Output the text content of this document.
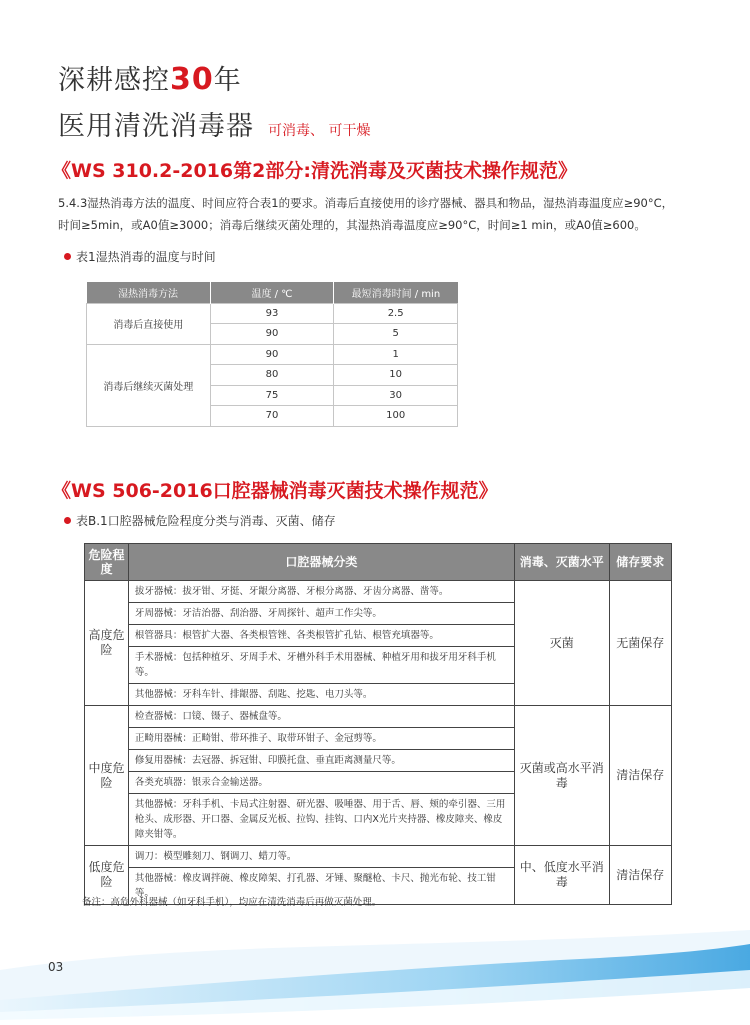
深耕感控30年
医用清洗消毒器 可消毒、 可干燥
《WS 310.2-2016第2部分:清洗消毒及灭菌技术操作规范》
5.4.3湿热消毒方法的温度、时间应符合表1的要求。消毒后直接使用的诊疗器械、器具和物品，湿热消毒温度应≥90°C，
时间≥5min，或A0值≥3000；消毒后继续灭菌处理的，其湿热消毒温度应≥90°C，时间≥1 min，或A0值≥600。
表1湿热消毒的温度与时间
湿热消毒方法	温度 / ℃	最短消毒时间 / min
消毒后直接使用	93	2.5
	90	5
消毒后继续灭菌处理	90	1
	80	10
	75	30
	70	100
《WS 506-2016口腔器械消毒灭菌技术操作规范》
表B.1口腔器械危险程度分类与消毒、灭菌、储存
危险程度	口腔器械分类	消毒、灭菌水平	储存要求
高度危险	拔牙器械：拔牙钳、牙挺、牙龈分离器、牙根分离器、牙齿分离器、凿等。	灭菌	无菌保存
	牙周器械：牙洁治器、刮治器、牙周探针、超声工作尖等。		
	根管器具：根管扩大器、各类根管锉、各类根管扩孔钻、根管充填器等。		
	手术器械：包括种植牙、牙周手术、牙槽外科手术用器械、种植牙用和拔牙用牙科手机等。		
	其他器械：牙科车针、排龈器、刮匙、挖匙、电刀头等。		
中度危险	检查器械：口镜、镊子、器械盘等。	灭菌或高水平消毒	清洁保存
	正畸用器械：正畸钳、带环推子、取带环钳子、金冠剪等。		
	修复用器械：去冠器、拆冠钳、印膜托盘、垂直距离测量尺等。		
	各类充填器：银汞合金输送器。		
	其他器械：牙科手机、卡局式注射器、研光器、吸唾器、用于舌、唇、颊的牵引器、三用枪头、成形器、开口器、金属反光板、拉钩、挂钩、口内X光片夹持器、橡皮障夹、橡皮障夹钳等。		
低度危险	调刀：模型雕刻刀、钢调刀、蜡刀等。	中、低度水平消毒	清洁保存
	其他器械：橡皮调拌碗、橡皮障架、打孔器、牙锤、聚醚枪、卡尺、抛光布轮、技工钳等。		
备注：高危外科器械（如牙科手机），均应在清洗消毒后再做灭菌处理。
03
